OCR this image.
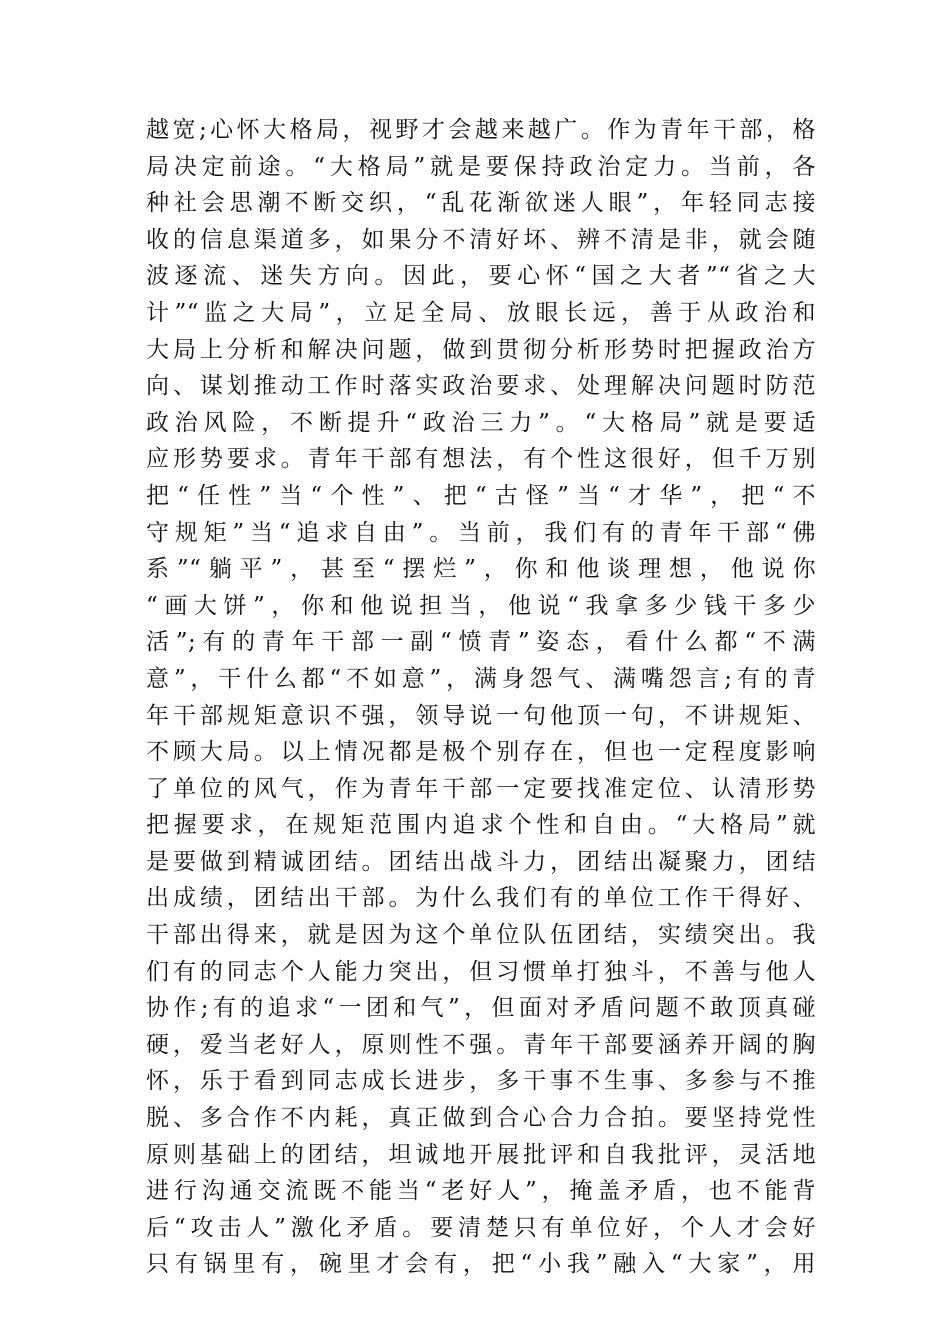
越宽;心怀大格局，视野才会越来越广。作为青年干部，格
局决定前途。“大格局”就是要保持政治定力。当前，各
种社会思潮不断交织，“乱花渐欲迷人眼”，年轻同志接
收的信息渠道多，如果分不清好坏、辨不清是非，就会随
波逐流、迷失方向。因此，要心怀“国之大者”“省之大
计”“监之大局”，立足全局、放眼长远，善于从政治和
大局上分析和解决问题，做到贯彻分析形势时把握政治方
向、谋划推动工作时落实政治要求、处理解决问题时防范
政治风险，不断提升“政治三力”。“大格局”就是要适
应形势要求。青年干部有想法，有个性这很好，但千万别
把“任性”当“个性”、把“古怪”当“才华”，把“不
守规矩”当“追求自由”。当前，我们有的青年干部“佛
系”“躺平”，甚至“摆烂”，你和他谈理想，他说你
“画大饼”，你和他说担当，他说“我拿多少钱干多少
活”;有的青年干部一副“愤青”姿态，看什么都“不满
意”，干什么都“不如意”，满身怨气、满嘴怨言;有的青
年干部规矩意识不强，领导说一句他顶一句，不讲规矩、
不顾大局。以上情况都是极个别存在，但也一定程度影响
了单位的风气，作为青年干部一定要找准定位、认清形势
把握要求，在规矩范围内追求个性和自由。“大格局”就
是要做到精诚团结。团结出战斗力，团结出凝聚力，团结
出成绩，团结出干部。为什么我们有的单位工作干得好、
干部出得来，就是因为这个单位队伍团结，实绩突出。我
们有的同志个人能力突出，但习惯单打独斗，不善与他人
协作;有的追求“一团和气”，但面对矛盾问题不敢顶真碰
硬，爱当老好人，原则性不强。青年干部要涵养开阔的胸
怀，乐于看到同志成长进步，多干事不生事、多参与不推
脱、多合作不内耗，真正做到合心合力合拍。要坚持党性
原则基础上的团结，坦诚地开展批评和自我批评，灵活地
进行沟通交流既不能当“老好人”，掩盖矛盾，也不能背
后“攻击人”激化矛盾。要清楚只有单位好，个人才会好
只有锅里有，碗里才会有，把“小我”融入“大家”，用
